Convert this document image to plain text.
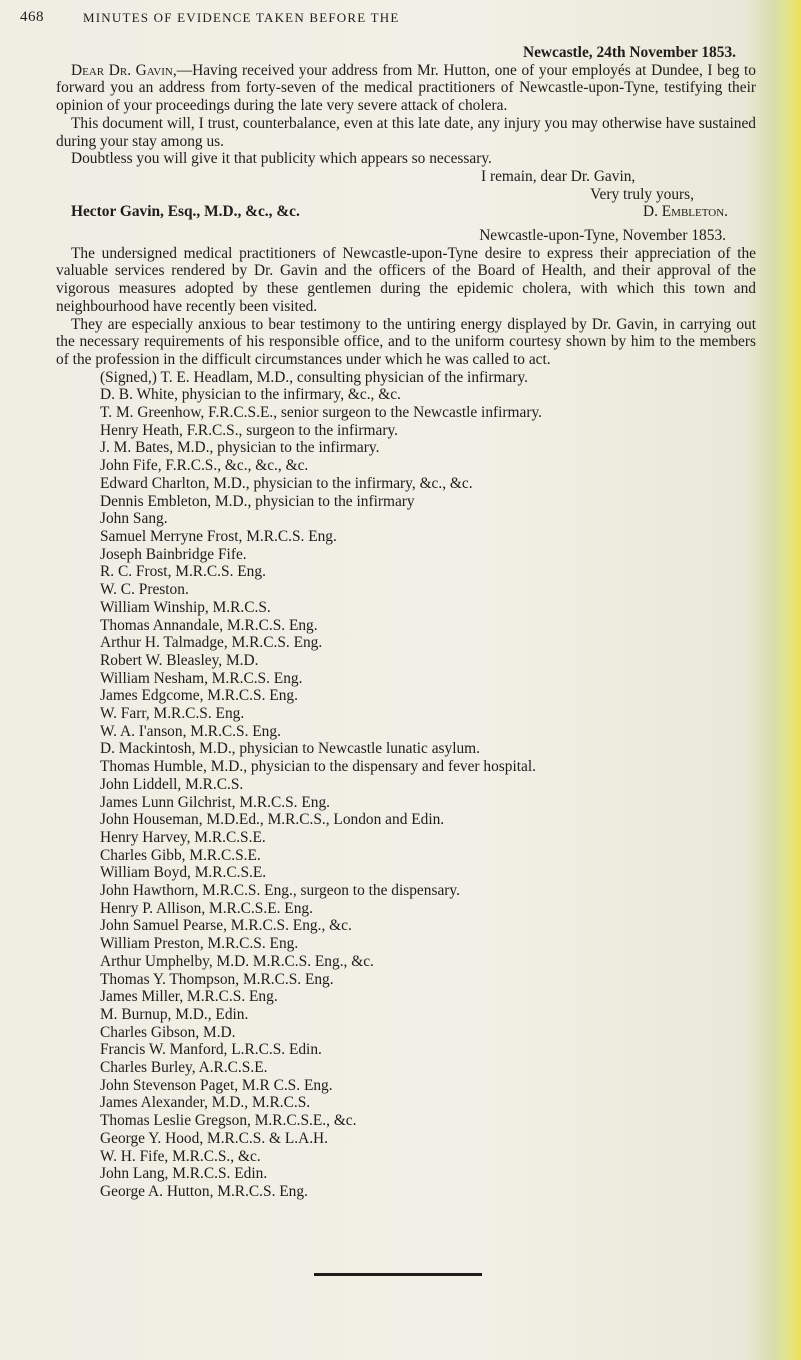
468	MINUTES OF EVIDENCE TAKEN BEFORE THE

Newcastle, 24th November 1853.

Dear Dr. Gavin,—Having received your address from Mr. Hutton, one of your employés at Dundee, I beg to forward you an address from forty-seven of the medical practitioners of Newcastle-upon-Tyne, testifying their opinion of your proceedings during the late very severe attack of cholera.

This document will, I trust, counterbalance, even at this late date, any injury you may otherwise have sustained during your stay among us.

Doubtless you will give it that publicity which appears so necessary.

I remain, dear Dr. Gavin,

Very truly yours,

Hector Gavin, Esq., M.D., &c., &c.	D. Embleton.

Newcastle-upon-Tyne, November 1853.

The undersigned medical practitioners of Newcastle-upon-Tyne desire to express their appreciation of the valuable services rendered by Dr. Gavin and the officers of the Board of Health, and their approval of the vigorous measures adopted by these gentlemen during the epidemic cholera, with which this town and neighbourhood have recently been visited.

They are especially anxious to bear testimony to the untiring energy displayed by Dr. Gavin, in carrying out the necessary requirements of his responsible office, and to the uniform courtesy shown by him to the members of the profession in the difficult circumstances under which he was called to act.

(Signed,) T. E. Headlam, M.D., consulting physician of the infirmary.

D. B. White, physician to the infirmary, &c., &c.
T. M. Greenhow, F.R.C.S.E., senior surgeon to the Newcastle infirmary.
Henry Heath, F.R.C.S., surgeon to the infirmary.
J. M. Bates, M.D., physician to the infirmary.
John Fife, F.R.C.S., &c., &c., &c.
Edward Charlton, M.D., physician to the infirmary, &c., &c.
Dennis Embleton, M.D., physician to the infirmary
John Sang.
Samuel Merryne Frost, M.R.C.S. Eng.
Joseph Bainbridge Fife.
R. C. Frost, M.R.C.S. Eng.
W. C. Preston.
William Winship, M.R.C.S.
Thomas Annandale, M.R.C.S. Eng.
Arthur H. Talmadge, M.R.C.S. Eng.
Robert W. Bleasley, M.D.
William Nesham, M.R.C.S. Eng.
James Edgcome, M.R.C.S. Eng.
W. Farr, M.R.C.S. Eng.
W. A. I'anson, M.R.C.S. Eng.
D. Mackintosh, M.D., physician to Newcastle lunatic asylum.
Thomas Humble, M.D., physician to the dispensary and fever hospital.
John Liddell, M.R.C.S.
James Lunn Gilchrist, M.R.C.S. Eng.
John Houseman, M.D.Ed., M.R.C.S., London and Edin.
Henry Harvey, M.R.C.S.E.
Charles Gibb, M.R.C.S.E.
William Boyd, M.R.C.S.E.
John Hawthorn, M.R.C.S. Eng., surgeon to the dispensary.
Henry P. Allison, M.R.C.S.E. Eng.
John Samuel Pearse, M.R.C.S. Eng., &c.
William Preston, M.R.C.S. Eng.
Arthur Umphelby, M.D. M.R.C.S. Eng., &c.
Thomas Y. Thompson, M.R.C.S. Eng.
James Miller, M.R.C.S. Eng.
M. Burnup, M.D., Edin.
Charles Gibson, M.D.
Francis W. Manford, L.R.C.S. Edin.
Charles Burley, A.R.C.S.E.
John Stevenson Paget, M.R C.S. Eng.
James Alexander, M.D., M.R.C.S.
Thomas Leslie Gregson, M.R.C.S.E., &c.
George Y. Hood, M.R.C.S. & L.A.H.
W. H. Fife, M.R.C.S., &c.
John Lang, M.R.C.S. Edin.
George A. Hutton, M.R.C.S. Eng.
